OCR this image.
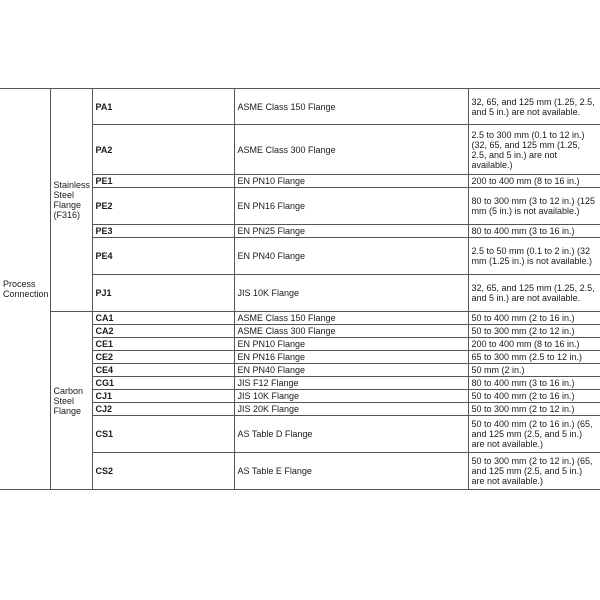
Process Connection	Stainless Steel Flange (F316)	PA1	ASME Class 150 Flange	32, 65, and 125 mm (1.25, 2.5, and 5 in.) are not available.
		PA2	ASME Class 300 Flange	2.5 to 300 mm (0.1 to 12 in.) (32, 65, and 125 mm (1.25, 2.5, and 5 in.) are not available.)
		PE1	EN PN10 Flange	200 to 400 mm (8 to 16 in.)
		PE2	EN PN16 Flange	80 to 300 mm (3 to 12 in.) (125 mm (5 in.) is not available.)
		PE3	EN PN25 Flange	80 to 400 mm (3 to 16 in.)
		PE4	EN PN40 Flange	2.5 to 50 mm (0.1 to 2 in.) (32 mm (1.25 in.) is not available.)
		PJ1	JIS 10K Flange	32, 65, and 125 mm (1.25, 2.5, and 5 in.) are not available.
	Carbon Steel Flange	CA1	ASME Class 150 Flange	50 to 400 mm (2 to 16 in.)
		CA2	ASME Class 300 Flange	50 to 300 mm (2 to 12 in.)
		CE1	EN PN10 Flange	200 to 400 mm (8 to 16 in.)
		CE2	EN PN16 Flange	65 to 300 mm (2.5 to 12 in.)
		CE4	EN PN40 Flange	50 mm (2 in.)
		CG1	JIS F12 Flange	80 to 400 mm (3 to 16 in.)
		CJ1	JIS 10K Flange	50 to 400 mm (2 to 16 in.)
		CJ2	JIS 20K Flange	50 to 300 mm (2 to 12 in.)
		CS1	AS Table D Flange	50 to 400 mm (2 to 16 in.) (65, and 125 mm (2.5, and 5 in.) are not available.)
		CS2	AS Table E Flange	50 to 300 mm (2 to 12 in.) (65, and 125 mm (2.5, and 5 in.) are not available.)
